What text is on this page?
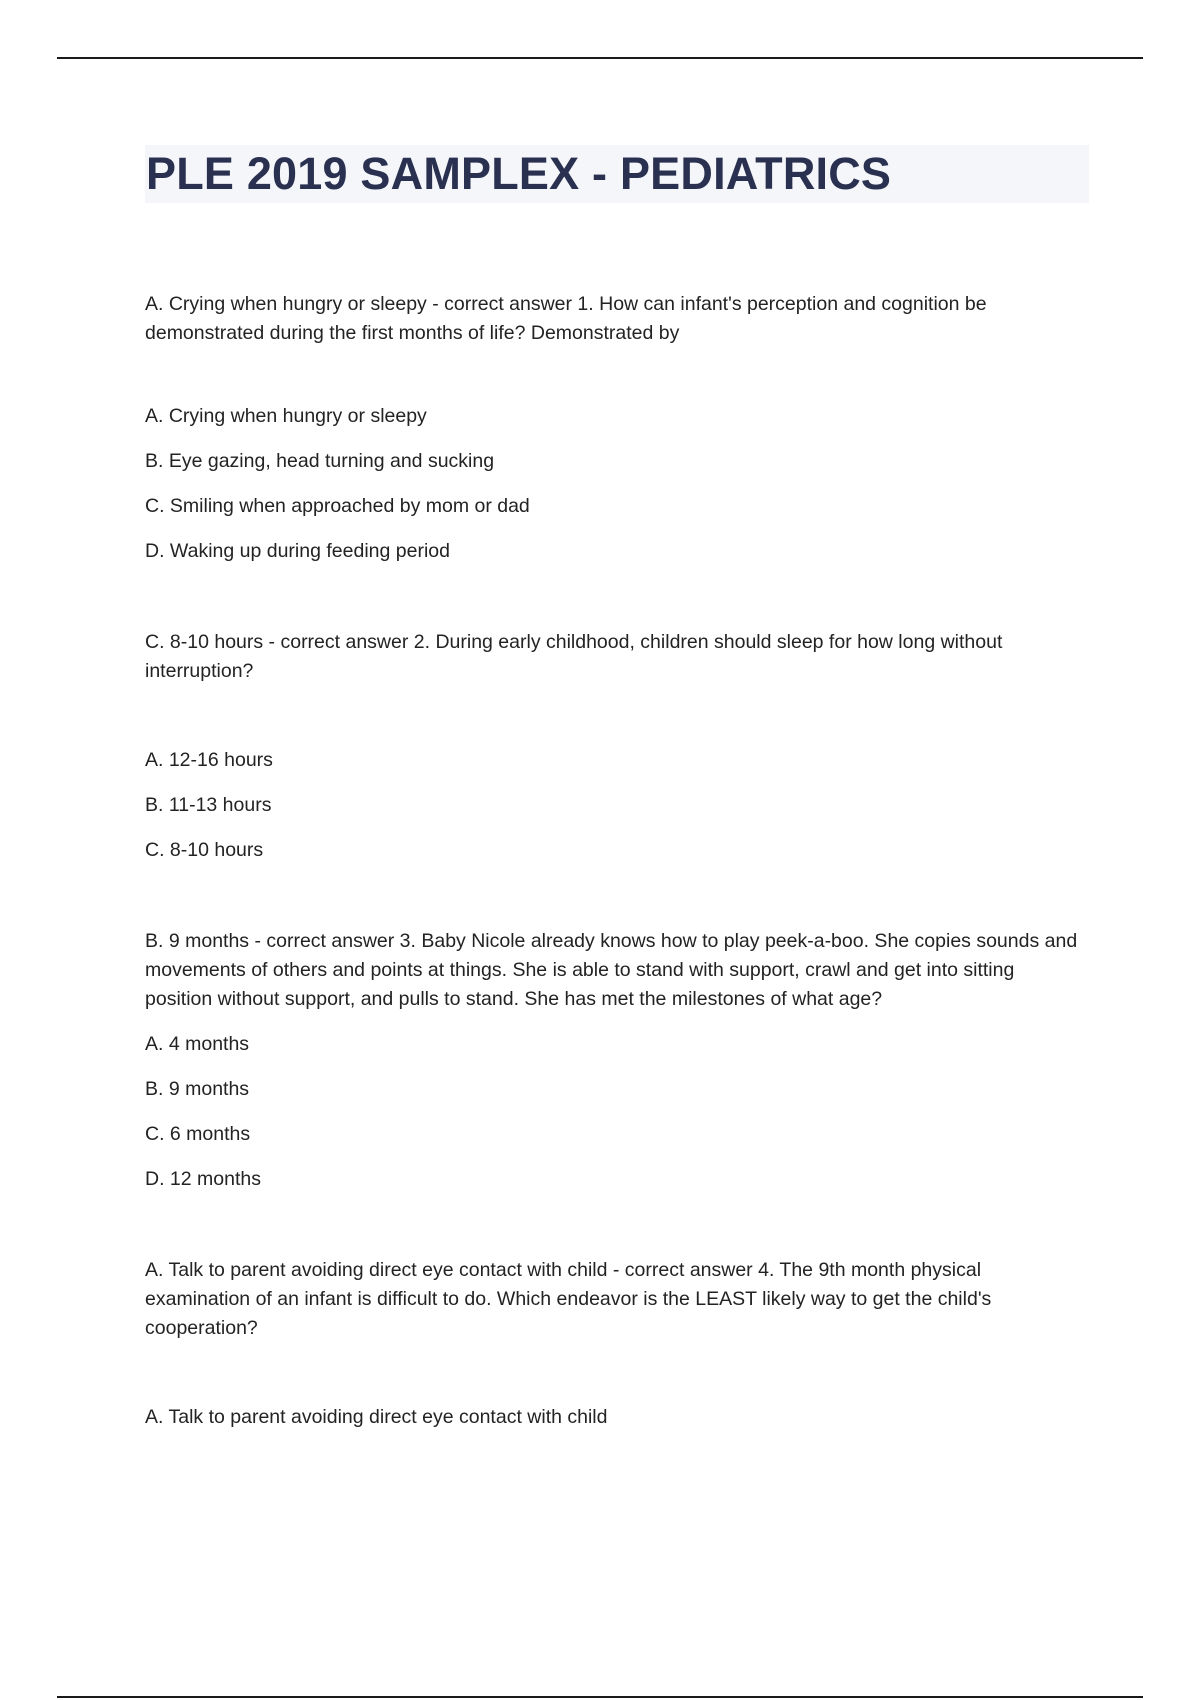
PLE 2019 SAMPLEX - PEDIATRICS

A. Crying when hungry or sleepy - correct answer 1. How can infant's perception and cognition be demonstrated during the first months of life? Demonstrated by

A. Crying when hungry or sleepy

B. Eye gazing, head turning and sucking

C. Smiling when approached by mom or dad

D. Waking up during feeding period

C. 8-10 hours - correct answer 2. During early childhood, children should sleep for how long without interruption?

A. 12-16 hours

B. 11-13 hours

C. 8-10 hours

B. 9 months - correct answer 3. Baby Nicole already knows how to play peek-a-boo. She copies sounds and movements of others and points at things. She is able to stand with support, crawl and get into sitting position without support, and pulls to stand. She has met the milestones of what age?

A. 4 months

B. 9 months

C. 6 months

D. 12 months

A. Talk to parent avoiding direct eye contact with child - correct answer 4. The 9th month physical examination of an infant is difficult to do. Which endeavor is the LEAST likely way to get the child's cooperation?

A. Talk to parent avoiding direct eye contact with child
